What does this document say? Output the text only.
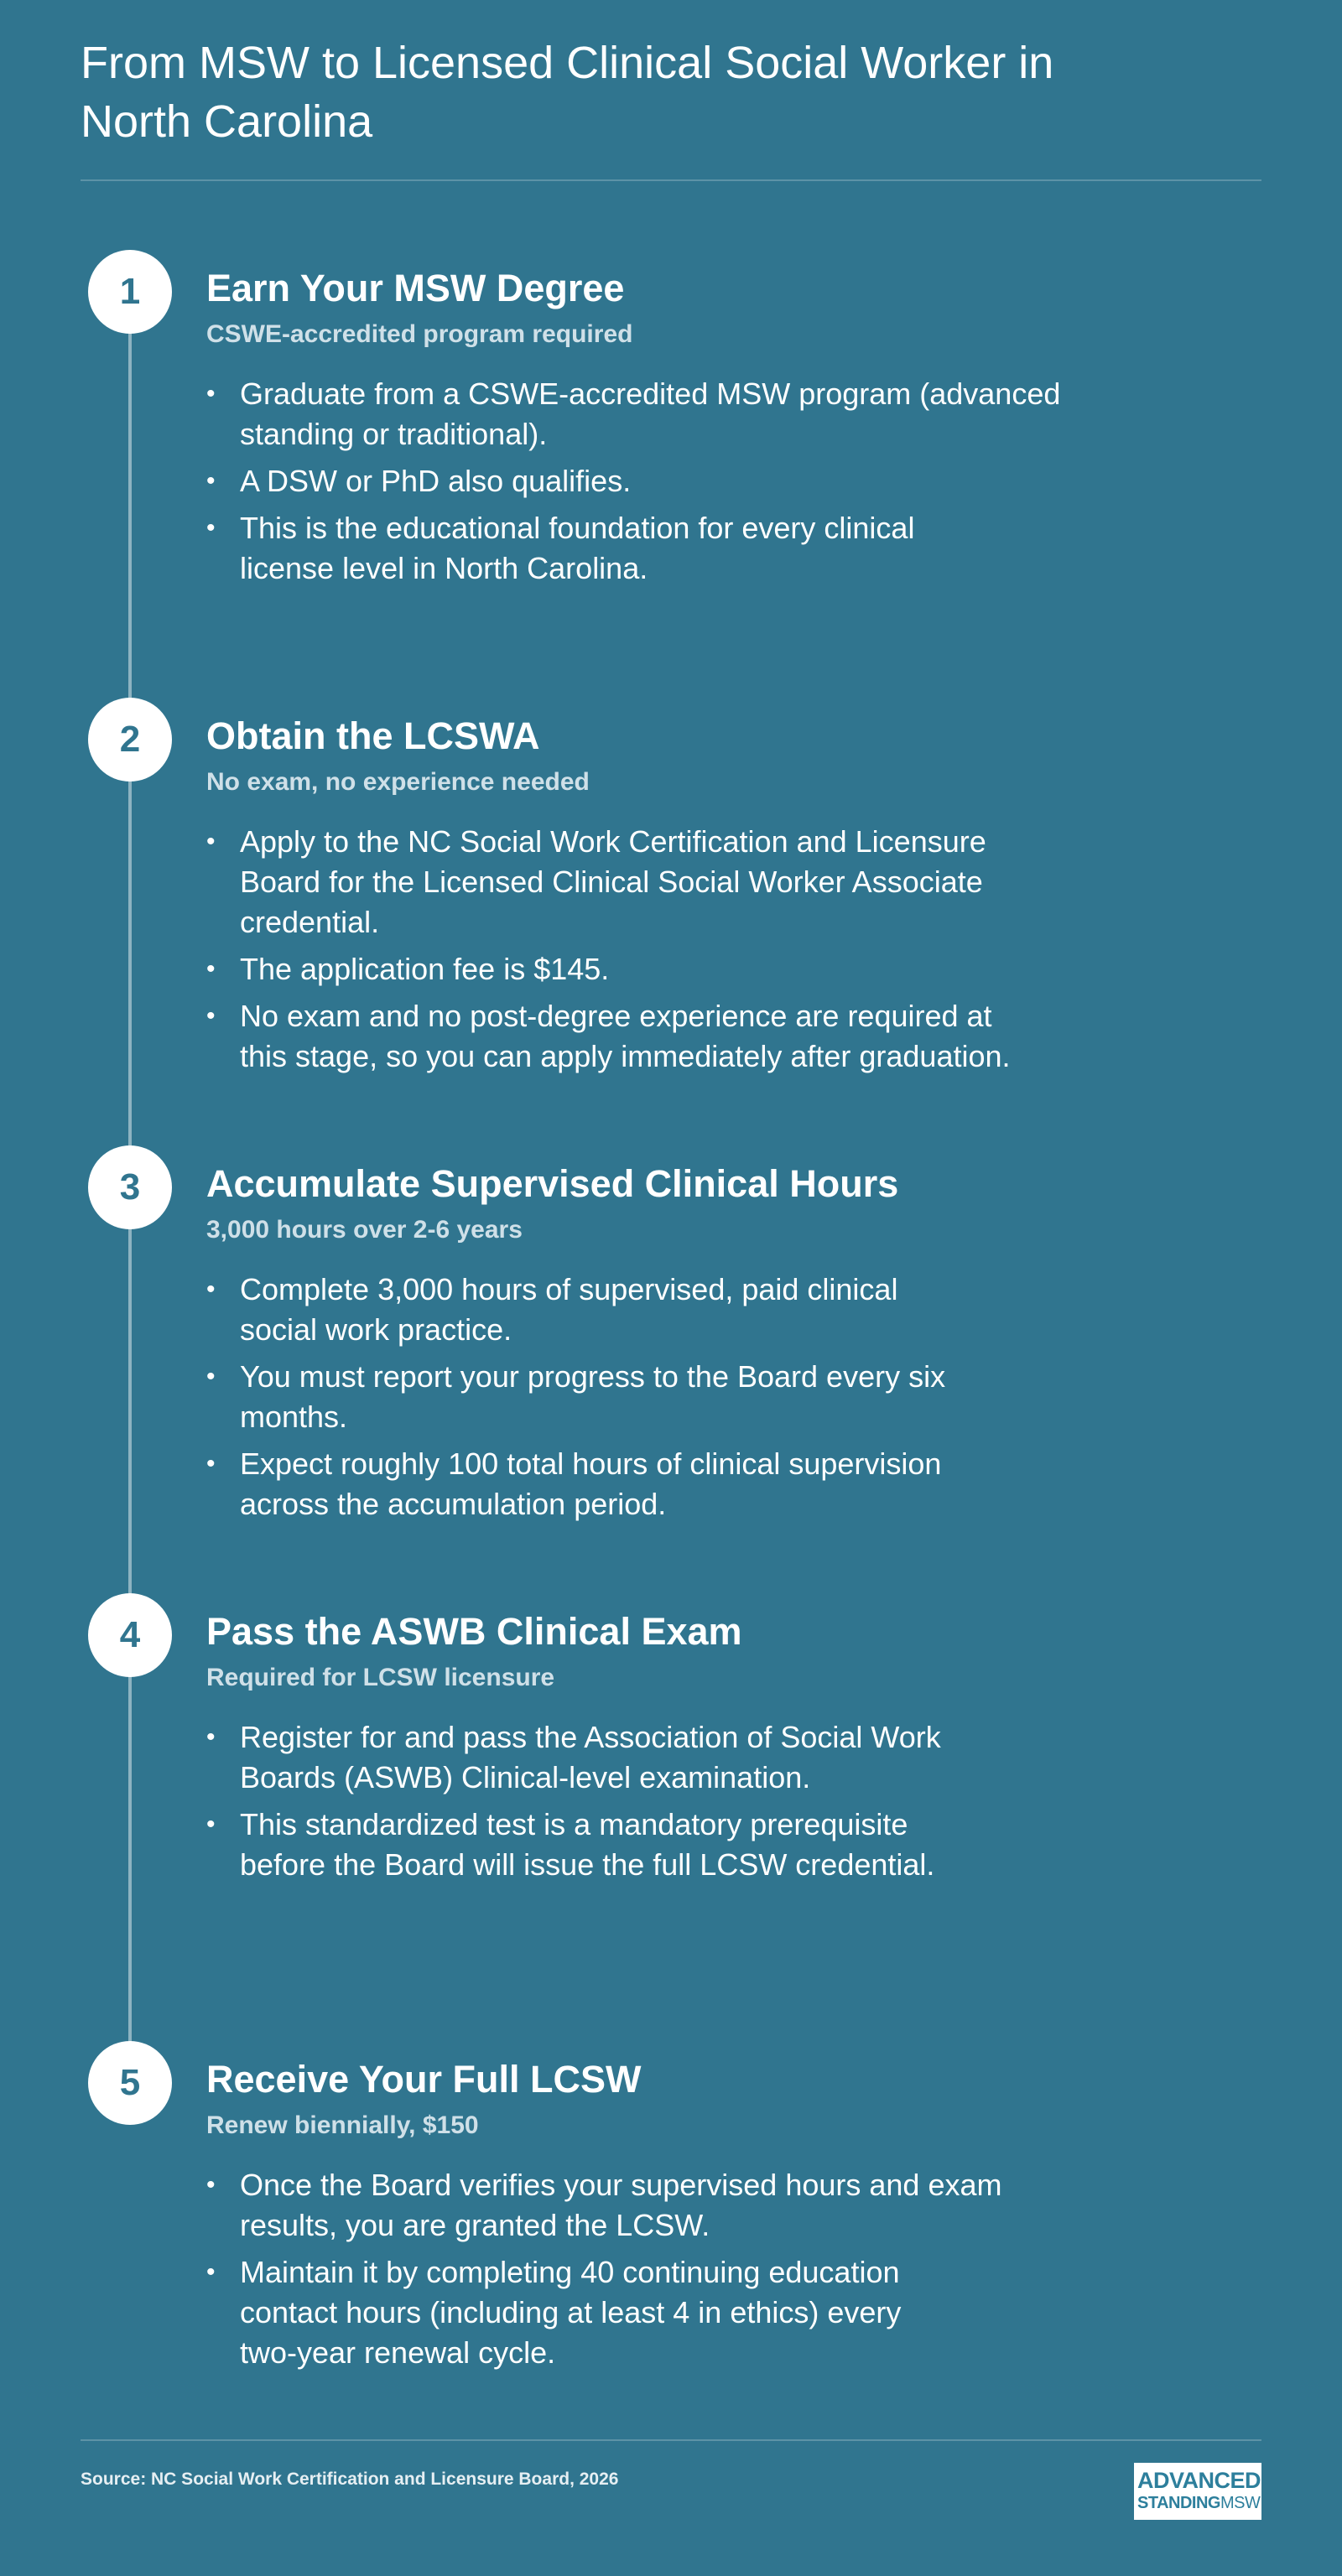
From MSW to Licensed Clinical Social Worker in North Carolina
1	Earn Your MSW Degree
CSWE-accredited program required
• Graduate from a CSWE-accredited MSW program (advanced standing or traditional).
• A DSW or PhD also qualifies.
• This is the educational foundation for every clinical license level in North Carolina.
2	Obtain the LCSWA
No exam, no experience needed
• Apply to the NC Social Work Certification and Licensure Board for the Licensed Clinical Social Worker Associate credential.
• The application fee is $145.
• No exam and no post-degree experience are required at this stage, so you can apply immediately after graduation.
3	Accumulate Supervised Clinical Hours
3,000 hours over 2-6 years
• Complete 3,000 hours of supervised, paid clinical social work practice.
• You must report your progress to the Board every six months.
• Expect roughly 100 total hours of clinical supervision across the accumulation period.
4	Pass the ASWB Clinical Exam
Required for LCSW licensure
• Register for and pass the Association of Social Work Boards (ASWB) Clinical-level examination.
• This standardized test is a mandatory prerequisite before the Board will issue the full LCSW credential.
5	Receive Your Full LCSW
Renew biennially, $150
• Once the Board verifies your supervised hours and exam results, you are granted the LCSW.
• Maintain it by completing 40 continuing education contact hours (including at least 4 in ethics) every two-year renewal cycle.
Source: NC Social Work Certification and Licensure Board, 2026	ADVANCED
STANDINGMSW
